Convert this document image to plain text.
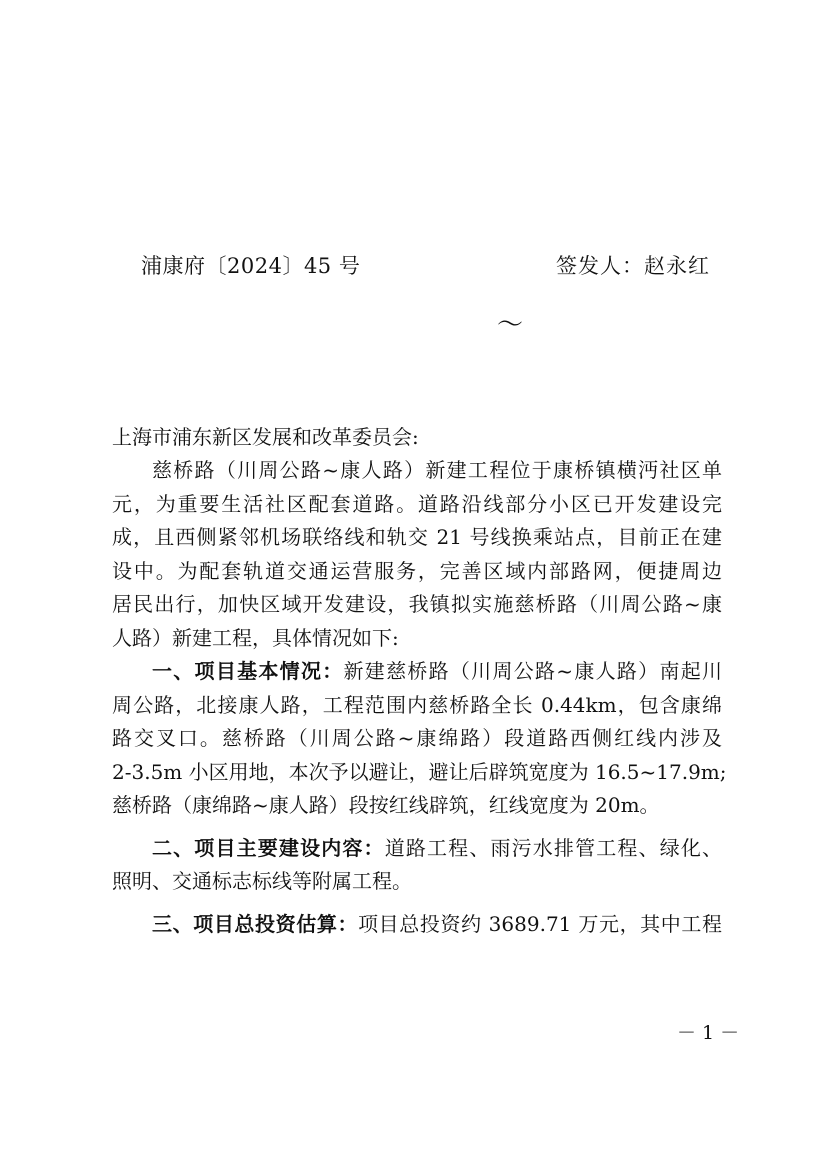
浦康府〔2024〕45 号	签发人：赵永红
～
上海市浦东新区发展和改革委员会:
慈桥路（川周公路~康人路）新建工程位于康桥镇横沔社区单
元，为重要生活社区配套道路。道路沿线部分小区已开发建设完
成，且西侧紧邻机场联络线和轨交 21 号线换乘站点，目前正在建
设中。为配套轨道交通运营服务，完善区域内部路网，便捷周边
居民出行，加快区域开发建设，我镇拟实施慈桥路（川周公路~康
人路）新建工程，具体情况如下:
一、项目基本情况：新建慈桥路（川周公路~康人路）南起川
周公路，北接康人路，工程范围内慈桥路全长 0.44km，包含康绵
路交叉口。慈桥路（川周公路~康绵路）段道路西侧红线内涉及
2-3.5m 小区用地，本次予以避让，避让后辟筑宽度为 16.5~17.9m;
慈桥路（康绵路~康人路）段按红线辟筑，红线宽度为 20m。
二、项目主要建设内容：道路工程、雨污水排管工程、绿化、
照明、交通标志标线等附属工程。
三、项目总投资估算：项目总投资约 3689.71 万元，其中工程
－ 1 －
